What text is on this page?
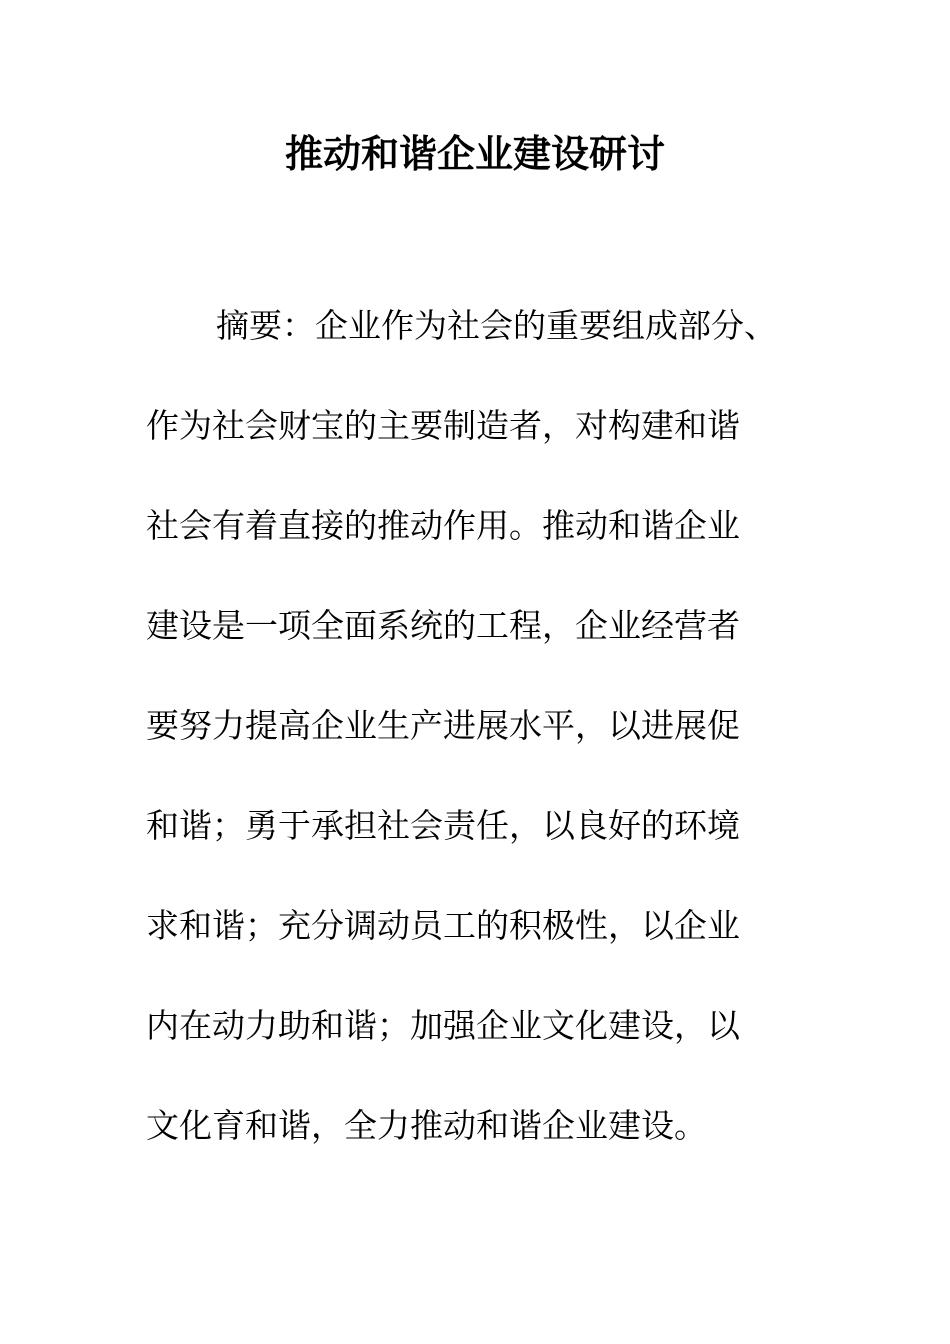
推动和谐企业建设研讨
摘要：企业作为社会的重要组成部分、
作为社会财宝的主要制造者，对构建和谐
社会有着直接的推动作用。推动和谐企业
建设是一项全面系统的工程，企业经营者
要努力提高企业生产进展水平，以进展促
和谐；勇于承担社会责任，以良好的环境
求和谐；充分调动员工的积极性，以企业
内在动力助和谐；加强企业文化建设，以
文化育和谐，全力推动和谐企业建设。
